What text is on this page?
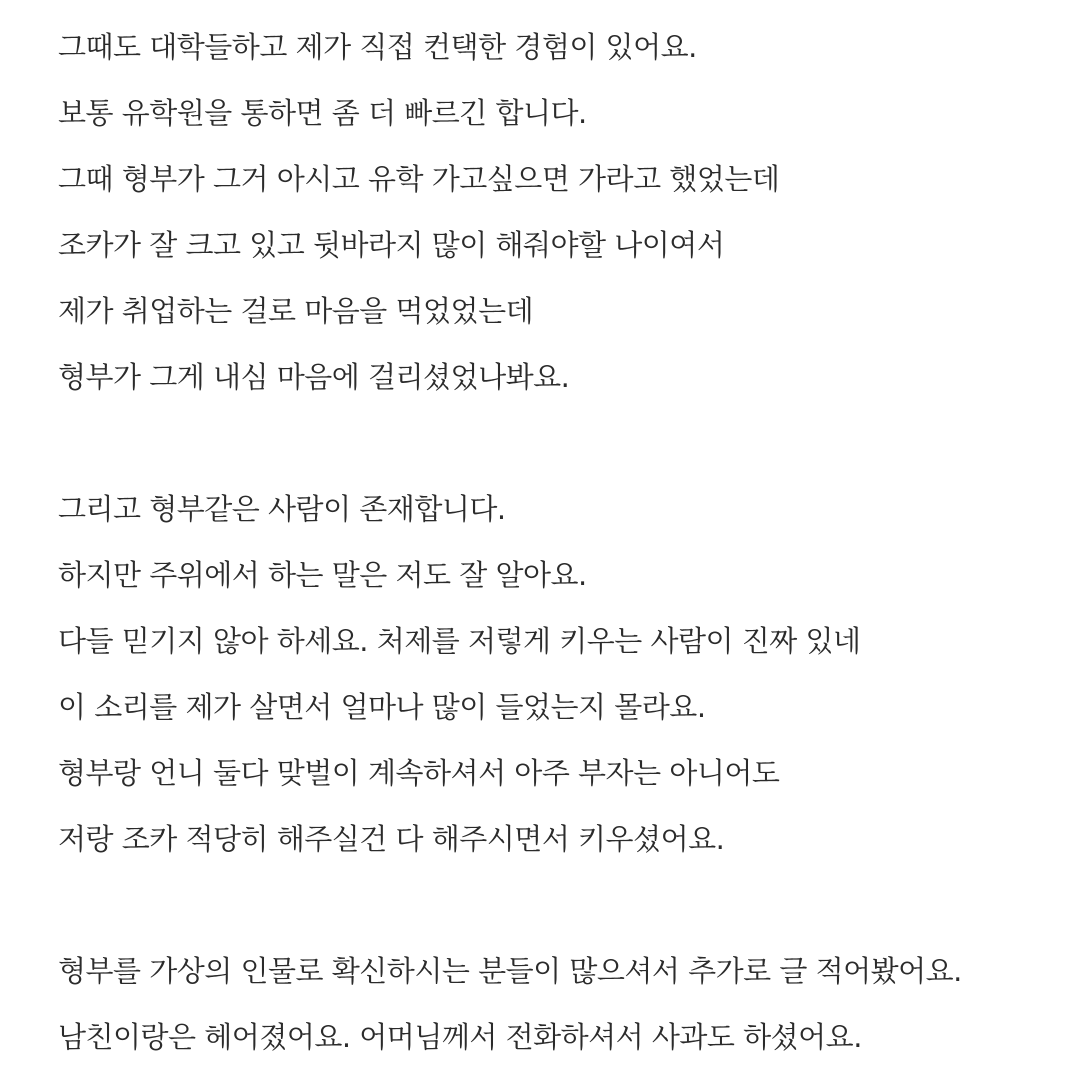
그때도 대학들하고 제가 직접 컨택한 경험이 있어요.
보통 유학원을 통하면 좀 더 빠르긴 합니다.
그때 형부가 그거 아시고 유학 가고싶으면 가라고 했었는데
조카가 잘 크고 있고 뒷바라지 많이 해줘야할 나이여서
제가 취업하는 걸로 마음을 먹었었는데
형부가 그게 내심 마음에 걸리셨었나봐요.
그리고 형부같은 사람이 존재합니다.
하지만 주위에서 하는 말은 저도 잘 알아요.
다들 믿기지 않아 하세요. 처제를 저렇게 키우는 사람이 진짜 있네
이 소리를 제가 살면서 얼마나 많이 들었는지 몰라요.
형부랑 언니 둘다 맞벌이 계속하셔서 아주 부자는 아니어도
저랑 조카 적당히 해주실건 다 해주시면서 키우셨어요.
형부를 가상의 인물로 확신하시는 분들이 많으셔서 추가로 글 적어봤어요.
남친이랑은 헤어졌어요. 어머님께서 전화하셔서 사과도 하셨어요.
